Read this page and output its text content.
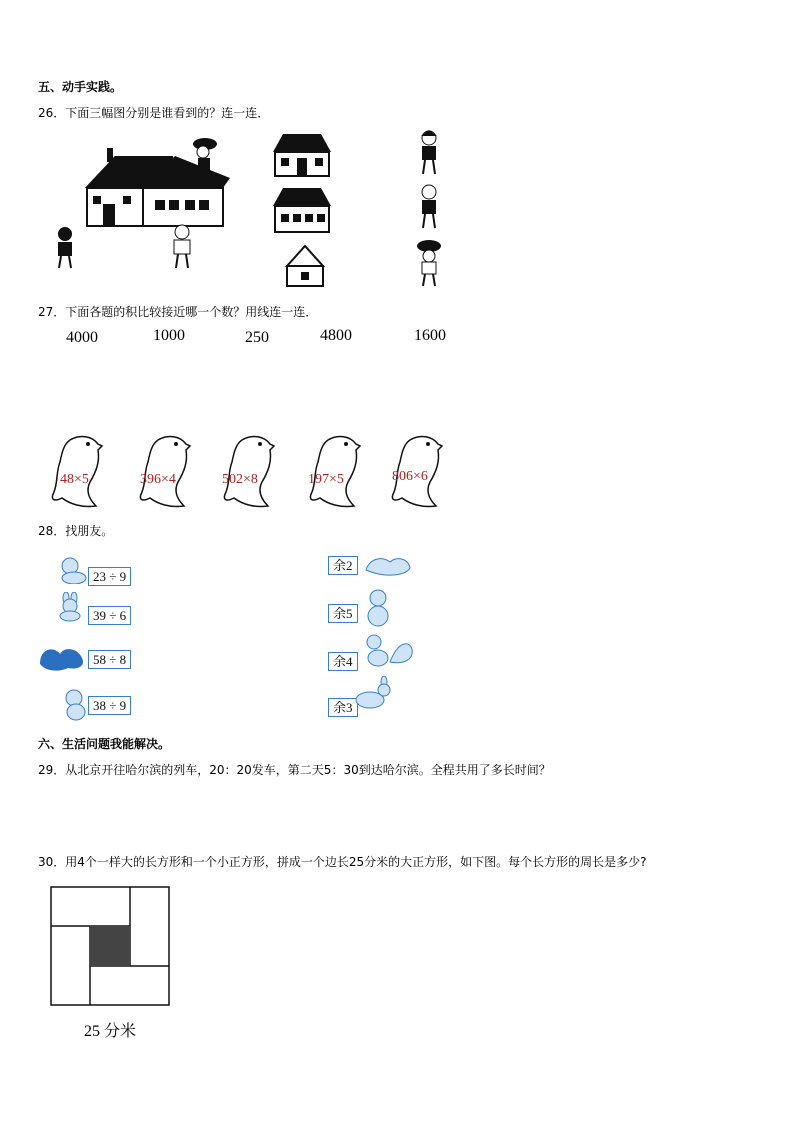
五、动手实践。
26．下面三幅图分别是谁看到的？连一连．
27．下面各题的积比较接近哪一个数？用线连一连．
4000	1000	250	4800	1600
48×5	396×4	502×8	197×5	806×6
28．找朋友。
23 ÷ 9
39 ÷ 6
58 ÷ 8
38 ÷ 9
余2
余5
余4
余3
六、生活问题我能解决。
29．从北京开往哈尔滨的列车，20：20发车，第二天5：30到达哈尔滨。全程共用了多长时间？
30．用4个一样大的长方形和一个小正方形，拼成一个边长25分米的大正方形，如下图。每个长方形的周长是多少?
25 分米
